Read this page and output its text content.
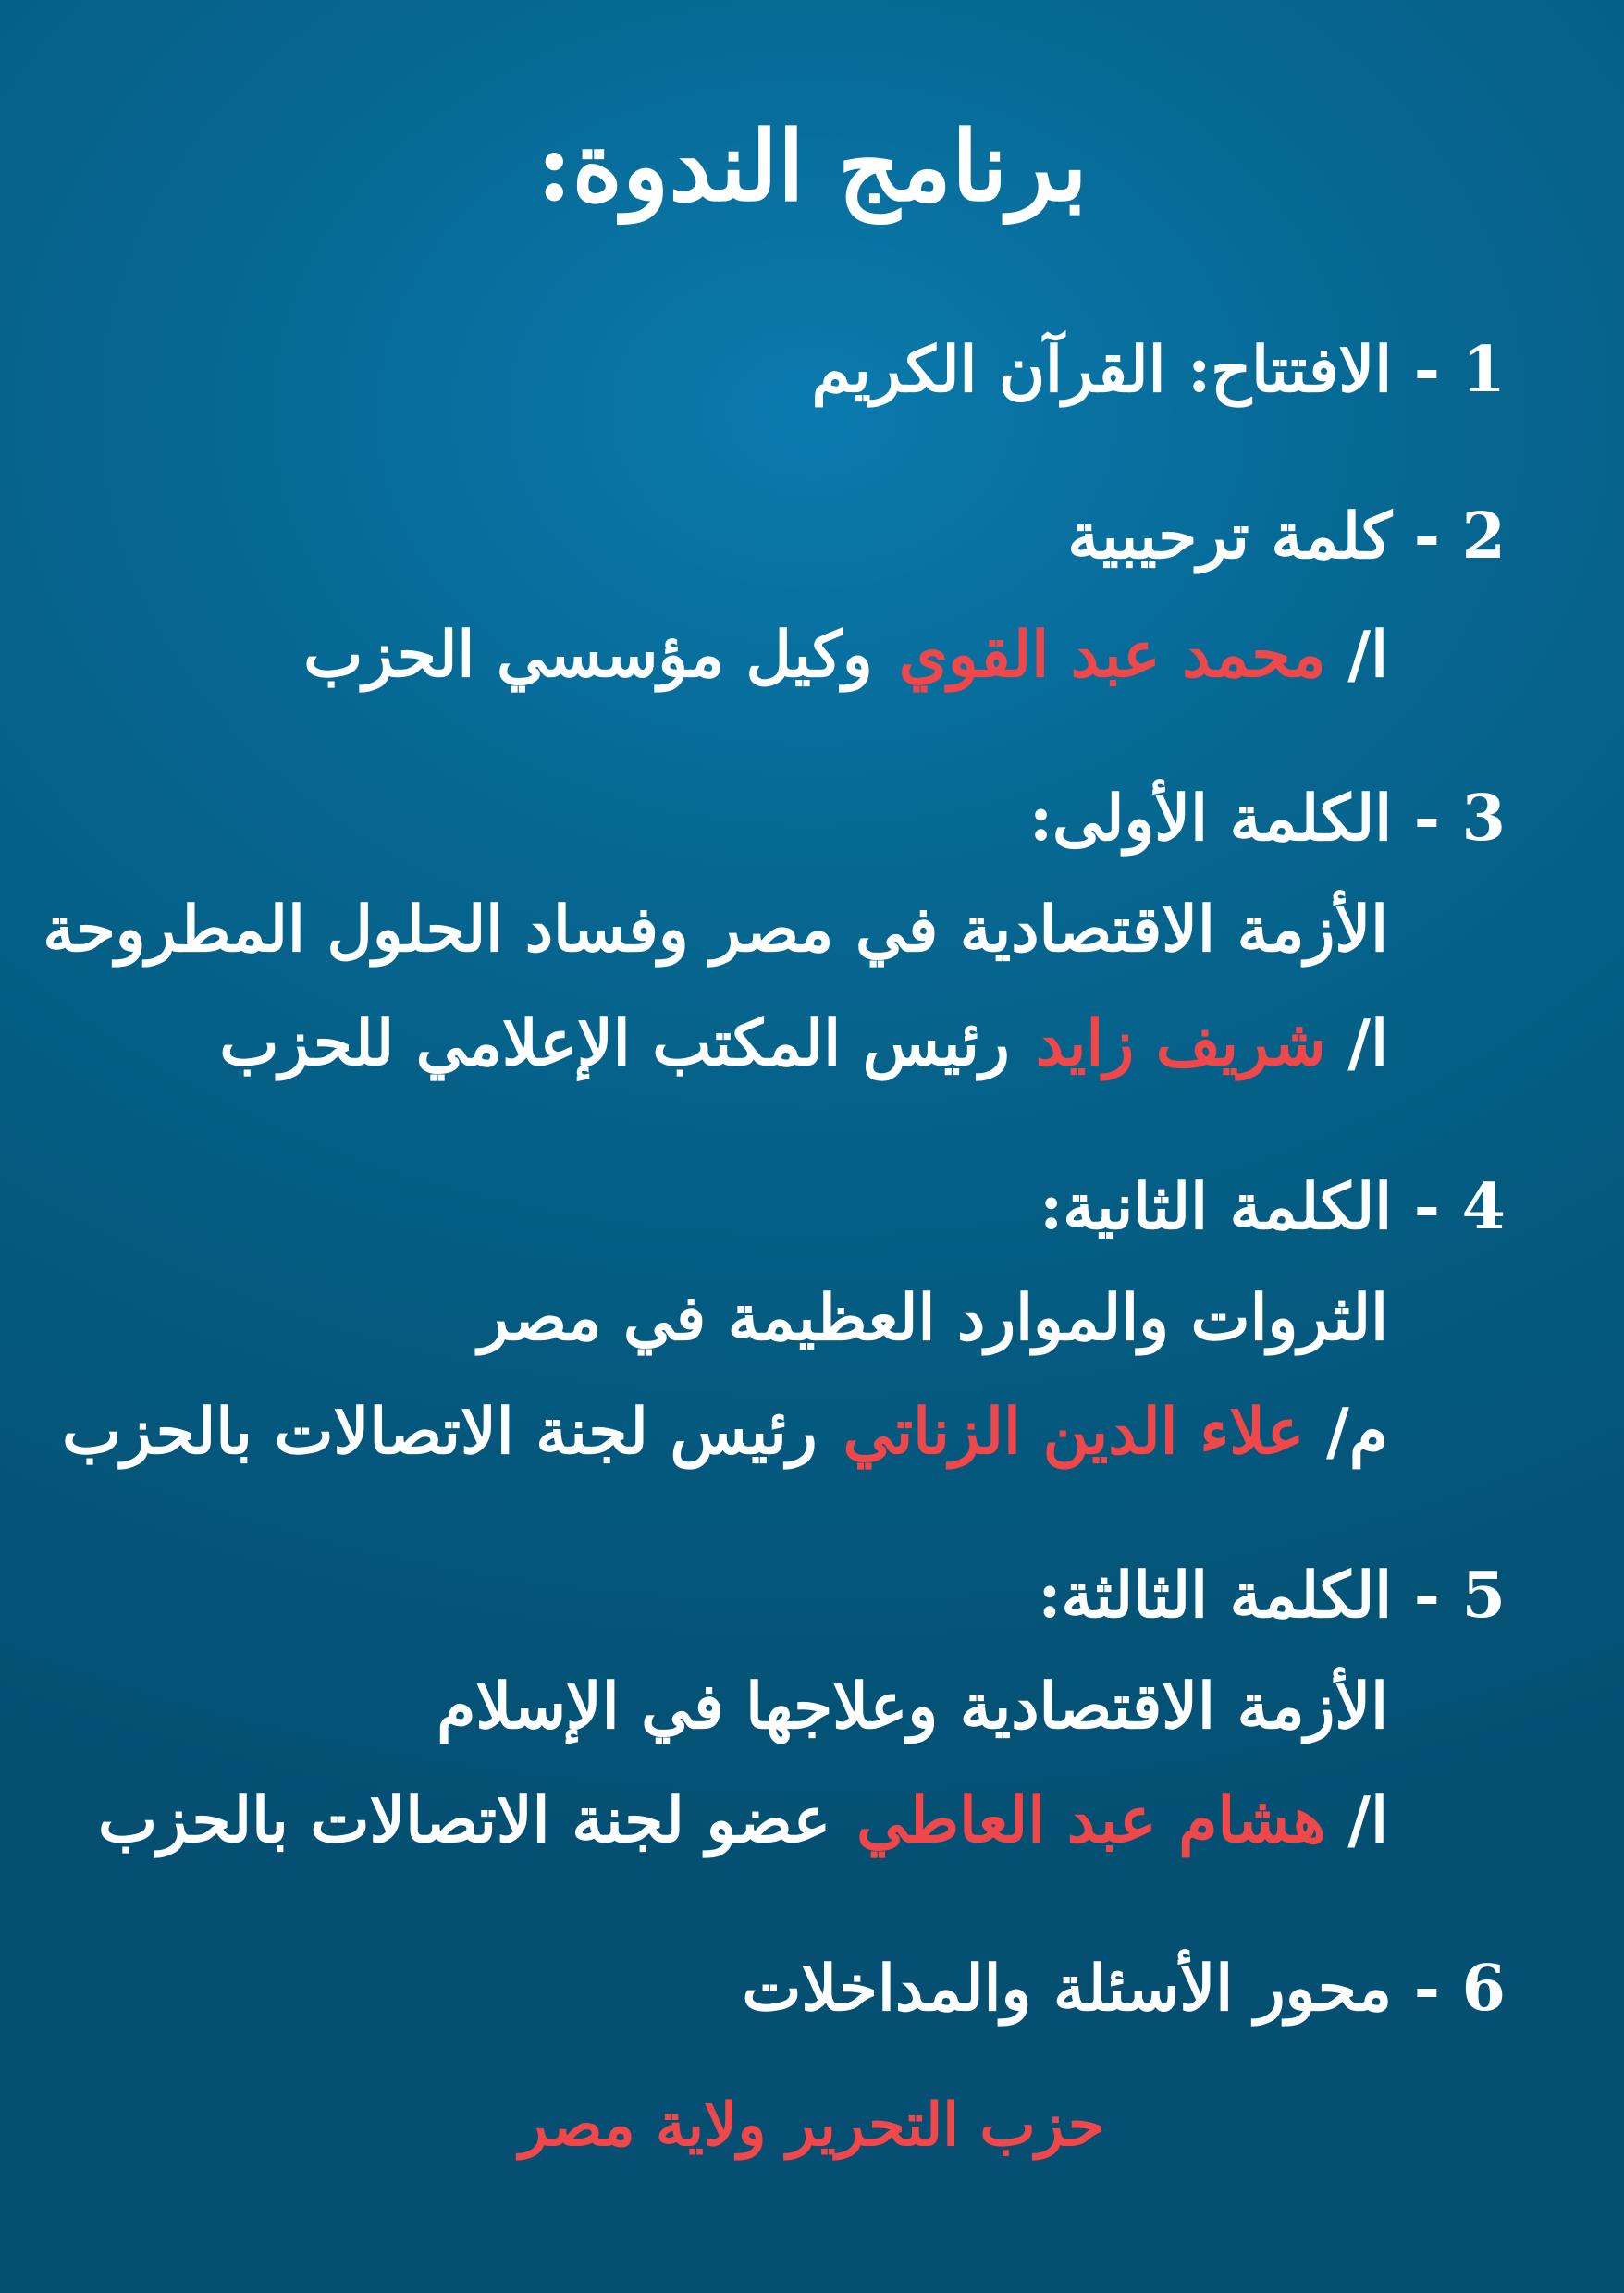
برنامج الندوة:
1 - الافتتاح: القرآن الكريم
2 - كلمة ترحيبية
ا/ محمد عبد القويوكيل مؤسسي الحزب
3 - الكلمة الأولى:
الأزمة الاقتصادية في مصر وفساد الحلول المطروحة
ا/ شريف زايدرئيس المكتب الإعلامي للحزب
4 - الكلمة الثانية:
الثروات والموارد العظيمة في مصر
م/ علاء الدين الزناتيرئيس لجنة الاتصالات بالحزب
5 - الكلمة الثالثة:
الأزمة الاقتصادية وعلاجها في الإسلام
ا/ هشام عبد العاطيعضو لجنة الاتصالات بالحزب
6 - محور الأسئلة والمداخلات
حزب التحرير ولاية مصر
